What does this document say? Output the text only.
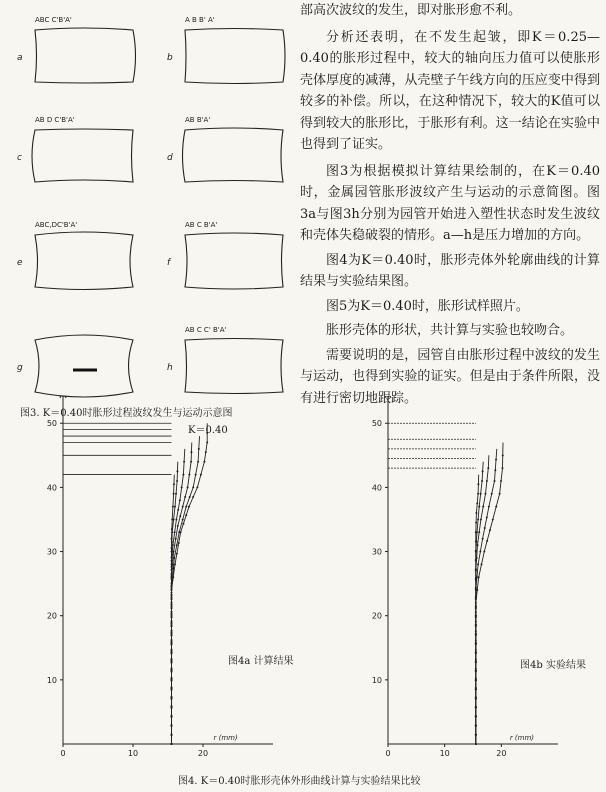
a
ABC C'B'A'
b
A B B' A'
c
AB D C'B'A'
d
AB B'A'
e
ABC,DC'B'A'
f
AB C B'A'
g	h
AB C C' B'A'
图3. K＝0.40时胀形过程波纹发生与运动示意图

部高次波纹的发生，即对胀形愈不利。

分析还表明，在不发生起皱，即K＝0.25—0.40的胀形过程中，较大的轴向压力值可以使胀形壳体厚度的减薄，从壳壁子午线方向的压应变中得到较多的补偿。所以，在这种情况下，较大的K值可以得到较大的胀形比，于胀形有利。这一结论在实验中也得到了证实。

图3为根据模拟计算结果绘制的，在K＝0.40时，金属园管胀形波纹产生与运动的示意简图。图3a与图3h分别为园管开始进入塑性状态时发生波纹和壳体失稳破裂的情形。a—h是压力增加的方向。

图4为K＝0.40时，胀形壳体外轮廓曲线的计算结果与实验结果图。

图5为K＝0.40时，胀形试样照片。

胀形壳体的形状，共计算与实验也较吻合。

需要说明的是，园管自由胀形过程中波纹的发生与运动，也得到实验的证实。但是由于条件所限，没有进行密切地跟踪。

10
20
30
40
50
0	10	20
r (mm)
10
20
30
40
50
0	10	20
r (mm)
图4a 计算结果
K＝0.40
图4b 实验结果
图4. K＝0.40时胀形壳体外形曲线计算与实验结果比较
